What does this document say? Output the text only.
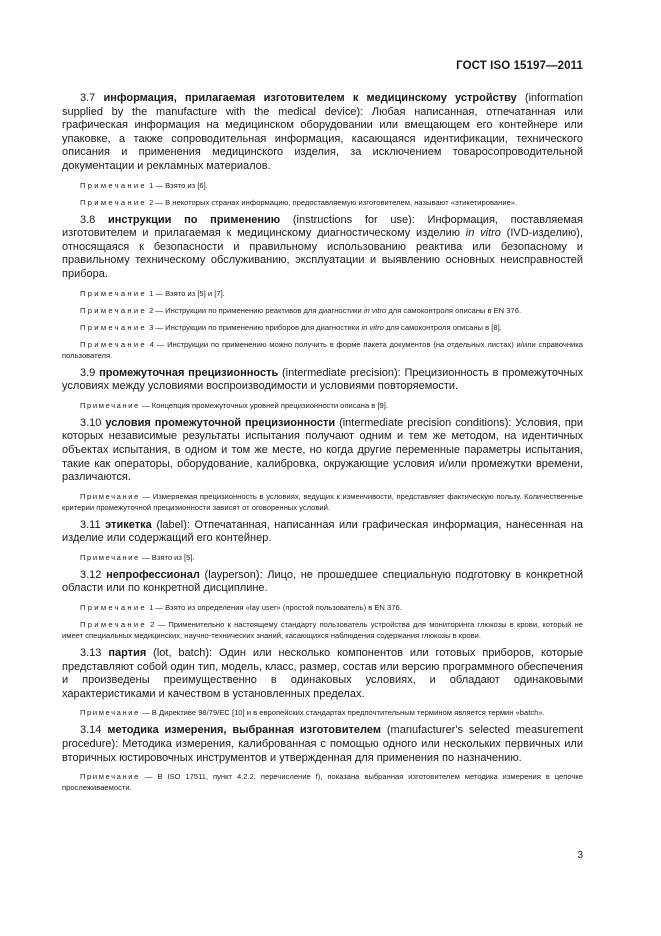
ГОСТ ISO 15197—2011

3.7 информация, прилагаемая изготовителем к медицинскому устройству (information supplied by the manufacture with the medical device): Любая написанная, отпечатанная или графическая информация на медицинском оборудовании или вмещающем его контейнере или упаковке, а также сопроводительная информация, касающаяся идентификации, технического описания и применения медицинского изделия, за исключением товаросопроводительной документации и рекламных материалов.

Примечание 1 — Взято из [6].

Примечание 2 — В некоторых странах информацию, предоставляемую изготовителем, называют «этикетирование».

3.8 инструкции по применению (instructions for use): Информация, поставляемая изготовителем и прилагаемая к медицинскому диагностическому изделию in vitro (IVD-изделию), относящаяся к безопасности и правильному использованию реактива или безопасному и правильному техническому обслуживанию, эксплуатации и выявлению основных неисправностей прибора.

Примечание 1 — Взято из [5] и [7].

Примечание 2 — Инструкции по применению реактивов для диагностики in vitro для самоконтроля описаны в EN 376.

Примечание 3 — Инструкции по применению приборов для диагностики in vitro для самоконтроля описаны в [8].

Примечание 4 — Инструкции по применению можно получить в форме пакета документов (на отдельных листах) и/или справочника пользователя.

3.9 промежуточная прецизионность (intermediate precision): Прецизионность в промежуточных условиях между условиями воспроизводимости и условиями повторяемости.

Примечание — Концепция промежуточных уровней прецизионности описана в [9].

3.10 условия промежуточной прецизионности (intermediate precision conditions): Условия, при которых независимые результаты испытания получают одним и тем же методом, на идентичных объектах испытания, в одном и том же месте, но когда другие переменные параметры испытания, такие как операторы, оборудование, калибровка, окружающие условия и/или промежутки времени, различаются.

Примечание — Измеряемая прецизионность в условиях, ведущих к изменчивости, представляет фактическую пользу. Количественные критерии промежуточной прецизионности зависят от оговоренных условий.

3.11 этикетка (label): Отпечатанная, написанная или графическая информация, нанесенная на изделие или содержащий его контейнер.

Примечание — Взято из [5].

3.12 непрофессионал (layperson): Лицо, не прошедшее специальную подготовку в конкретной области или по конкретной дисциплине.

Примечание 1 — Взято из определения «lay user» (простой пользователь) в EN 376.

Примечание 2 — Применительно к настоящему стандарту пользователь устройства для мониторинга глюкозы в крови, который не имеет специальных медицинских, научно-технических знаний, касающихся наблюдения содержания глюкозы в крови.

3.13 партия (lot, batch): Один или несколько компонентов или готовых приборов, которые представляют собой один тип, модель, класс, размер, состав или версию программного обеспечения и произведены преимущественно в одинаковых условиях, и обладают одинаковыми характеристиками и качеством в установленных пределах.

Примечание — В Директиве 98/79/ЕС [10] и в европейских стандартах предпочтительным термином является термин «batch».

3.14 методика измерения, выбранная изготовителем (manufacturer's selected measurement procedure): Методика измерения, калиброванная с помощью одного или нескольких первичных или вторичных юстировочных инструментов и утвержденная для применения по назначению.

Примечание — В ISO 17511, пункт 4.2.2, перечисление f), показана выбранная изготовителем методика измерения в цепочке прослеживаемости.

3
